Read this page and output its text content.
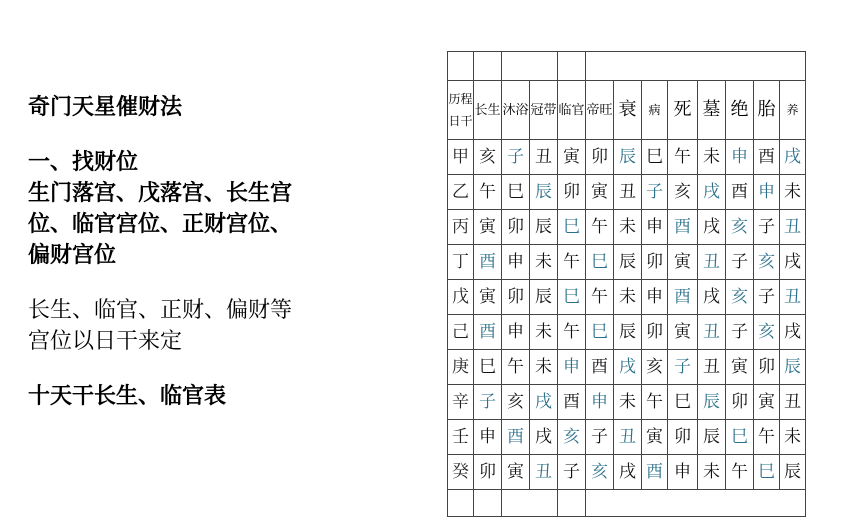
奇门天星催财法
一、找财位
生门落宫、戊落宫、长生宫
位、临官宫位、正财宫位、
偏财宫位
长生、临官、正财、偏财等
宫位以日干来定
十天干长生、临官表

历程
日干	长生	沐浴	冠带	临官	帝旺	衰	病	死	墓	绝	胎	养
甲	亥	子	丑	寅	卯	辰	巳	午	未	申	酉	戌
乙	午	巳	辰	卯	寅	丑	子	亥	戌	酉	申	未
丙	寅	卯	辰	巳	午	未	申	酉	戌	亥	子	丑
丁	酉	申	未	午	巳	辰	卯	寅	丑	子	亥	戌
戊	寅	卯	辰	巳	午	未	申	酉	戌	亥	子	丑
己	酉	申	未	午	巳	辰	卯	寅	丑	子	亥	戌
庚	巳	午	未	申	酉	戌	亥	子	丑	寅	卯	辰
辛	子	亥	戌	酉	申	未	午	巳	辰	卯	寅	丑
壬	申	酉	戌	亥	子	丑	寅	卯	辰	巳	午	未
癸	卯	寅	丑	子	亥	戌	酉	申	未	午	巳	辰
